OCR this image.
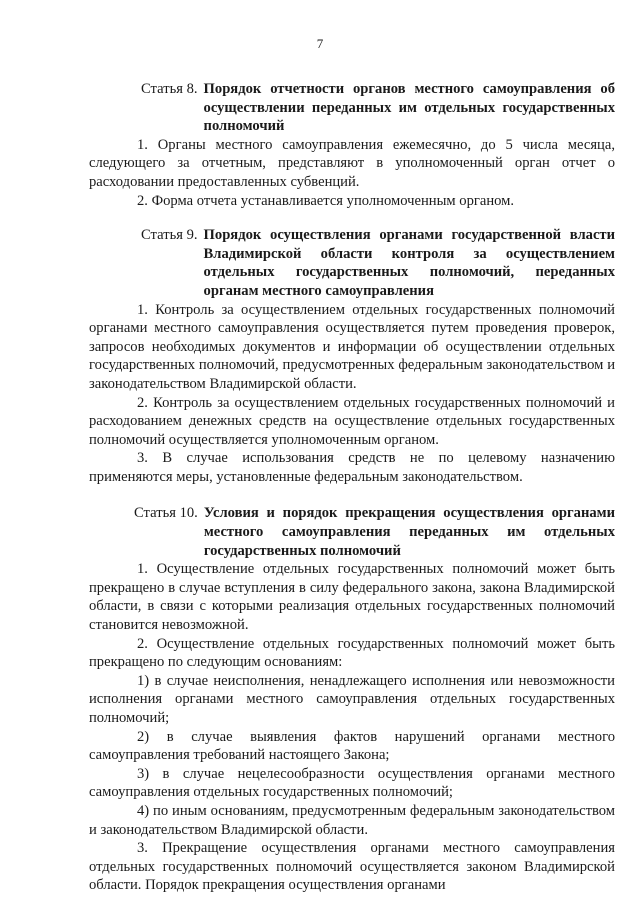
7
Статья 8. Порядок отчетности органов местного самоуправления об осуществлении переданных им отдельных государственных полномочий

1. Органы местного самоуправления ежемесячно, до 5 числа месяца, следующего за отчетным, представляют в уполномоченный орган отчет о расходовании предоставленных субвенций.

2. Форма отчета устанавливается уполномоченным органом.

Статья 9. Порядок осуществления органами государственной власти Владимирской области контроля за осуществлением отдельных государственных полномочий, переданных органам местного самоуправления

1. Контроль за осуществлением отдельных государственных полномочий органами местного самоуправления осуществляется путем проведения проверок, запросов необходимых документов и информации об осуществлении отдельных государственных полномочий, предусмотренных федеральным законодательством и законодательством Владимирской области.

2. Контроль за осуществлением отдельных государственных полномочий и расходованием денежных средств на осуществление отдельных государственных полномочий осуществляется уполномоченным органом.

3. В случае использования средств не по целевому назначению применяются меры, установленные федеральным законодательством.

Статья 10. Условия и порядок прекращения осуществления органами местного самоуправления переданных им отдельных государственных полномочий

1. Осуществление отдельных государственных полномочий может быть прекращено в случае вступления в силу федерального закона, закона Владимирской области, в связи с которыми реализация отдельных государственных полномочий становится невозможной.

2. Осуществление отдельных государственных полномочий может быть прекращено по следующим основаниям:

1) в случае неисполнения, ненадлежащего исполнения или невозможности исполнения органами местного самоуправления отдельных государственных полномочий;

2) в случае выявления фактов нарушений органами местного самоуправления требований настоящего Закона;

3) в случае нецелесообразности осуществления органами местного самоуправления отдельных государственных полномочий;

4) по иным основаниям, предусмотренным федеральным законодательством и законодательством Владимирской области.

3. Прекращение осуществления органами местного самоуправления отдельных государственных полномочий осуществляется законом Владимирской области. Порядок прекращения осуществления органами
